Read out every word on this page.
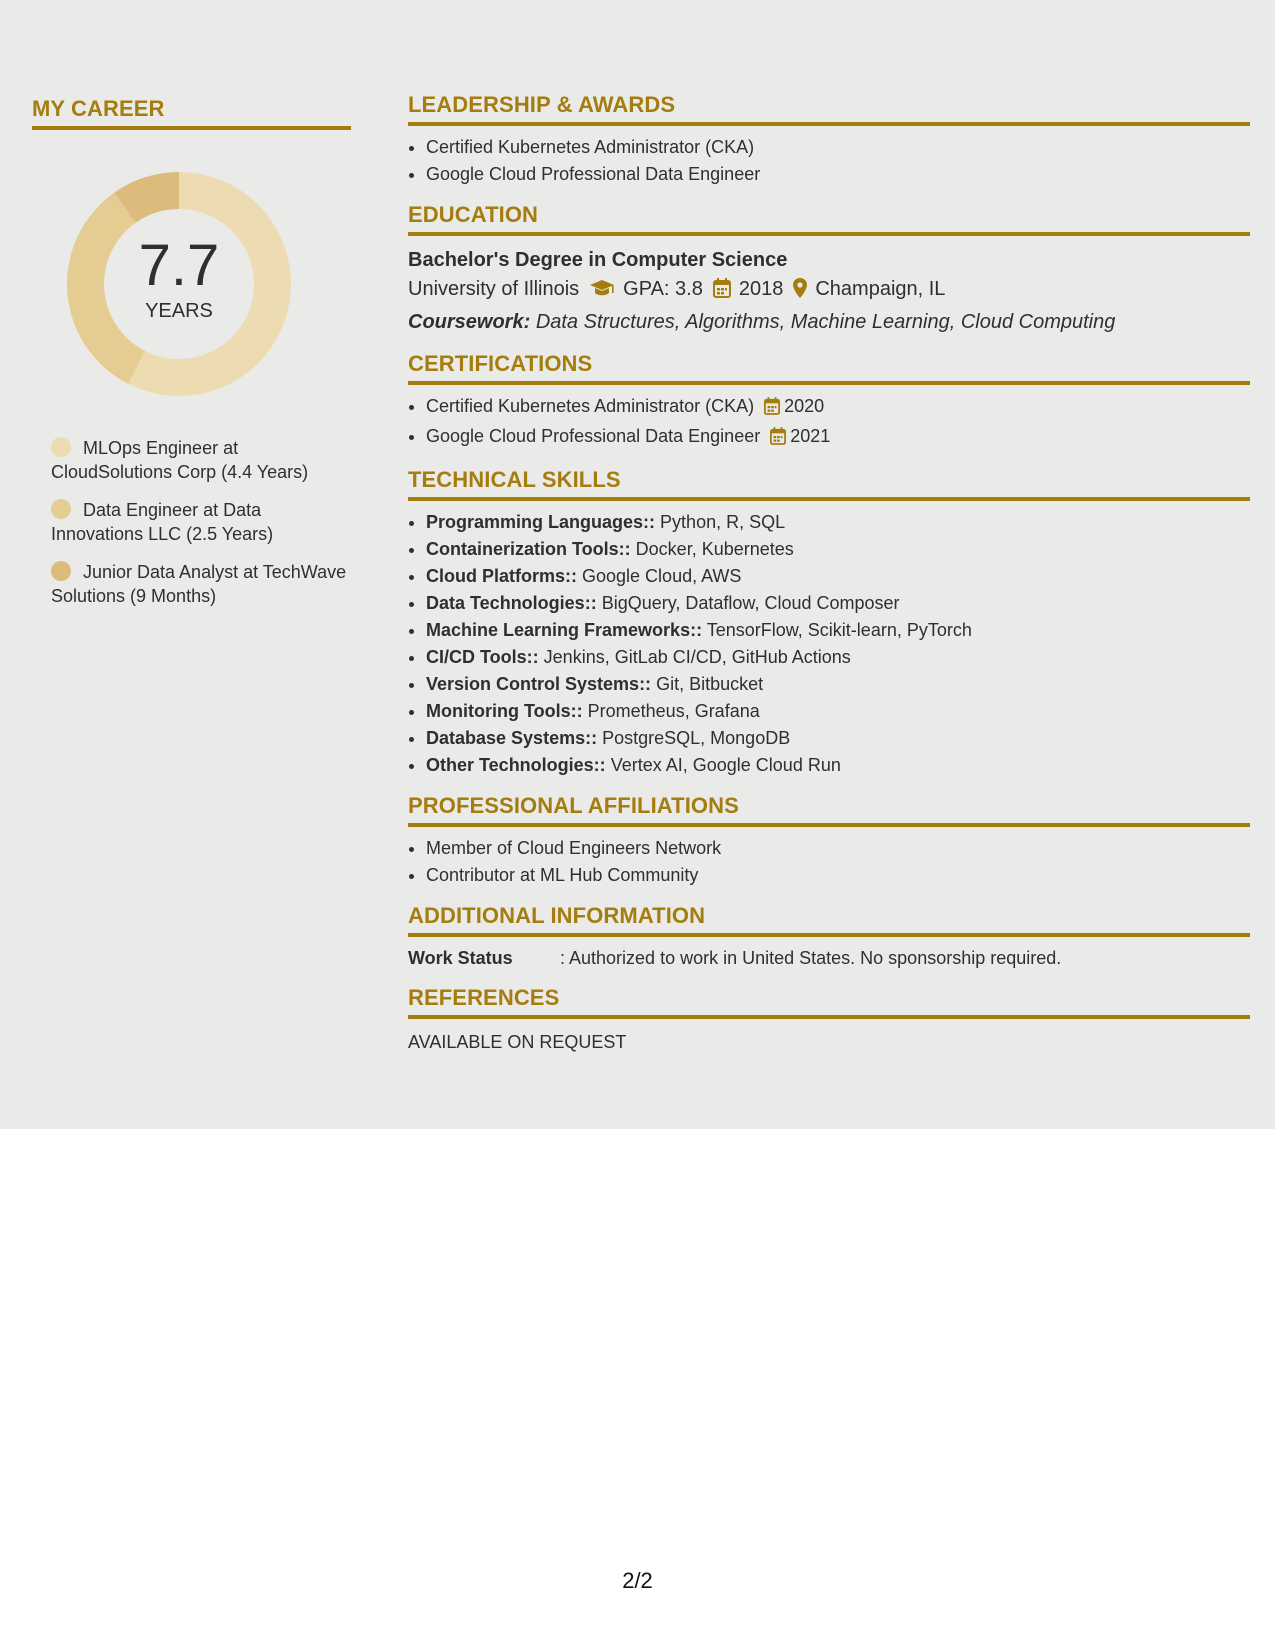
MY CAREER
7.7
YEARS
MLOps Engineer at CloudSolutions Corp (4.4 Years)
Data Engineer at Data Innovations LLC (2.5 Years)
Junior Data Analyst at TechWave Solutions (9 Months)
LEADERSHIP & AWARDS
• Certified Kubernetes Administrator (CKA)
• Google Cloud Professional Data Engineer
EDUCATION
Bachelor's Degree in Computer Science
University of Illinois GPA: 3.8 2018 Champaign, IL
Coursework: Data Structures, Algorithms, Machine Learning, Cloud Computing
CERTIFICATIONS
• Certified Kubernetes Administrator (CKA) 2020
• Google Cloud Professional Data Engineer 2021
TECHNICAL SKILLS
• Programming Languages:: Python, R, SQL
• Containerization Tools:: Docker, Kubernetes
• Cloud Platforms:: Google Cloud, AWS
• Data Technologies:: BigQuery, Dataflow, Cloud Composer
• Machine Learning Frameworks:: TensorFlow, Scikit-learn, PyTorch
• CI/CD Tools:: Jenkins, GitLab CI/CD, GitHub Actions
• Version Control Systems:: Git, Bitbucket
• Monitoring Tools:: Prometheus, Grafana
• Database Systems:: PostgreSQL, MongoDB
• Other Technologies:: Vertex AI, Google Cloud Run
PROFESSIONAL AFFILIATIONS
• Member of Cloud Engineers Network
• Contributor at ML Hub Community
ADDITIONAL INFORMATION
Work Status	: Authorized to work in United States. No sponsorship required.
REFERENCES
AVAILABLE ON REQUEST
2/2
